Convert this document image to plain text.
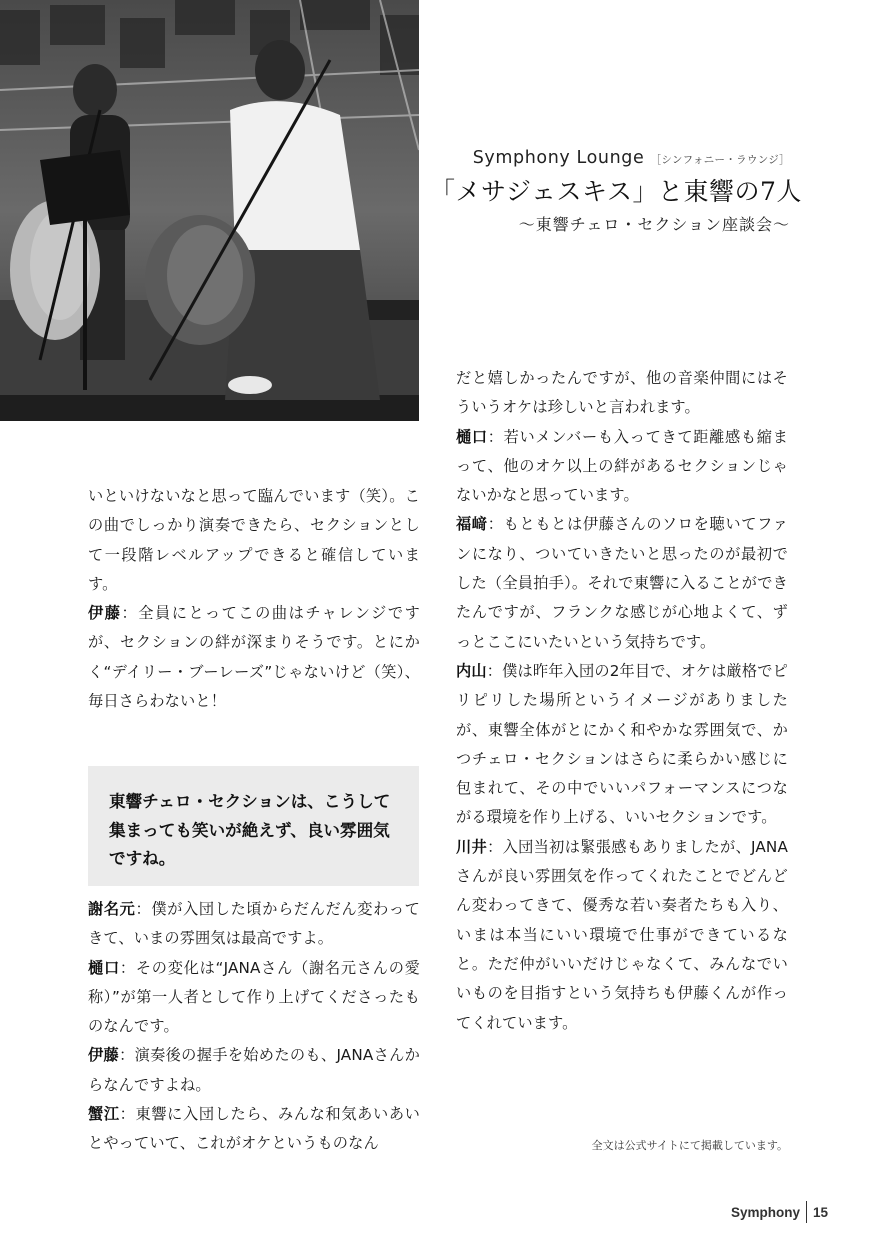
Symphony Lounge ［シンフォニー・ラウンジ］
「メサジェスキス」と東響の7人
〜東響チェロ・セクション座談会〜

いといけないなと思って臨んでいます（笑）。この曲でしっかり演奏できたら、セクションとして一段階レベルアップできると確信しています。

伊藤：全員にとってこの曲はチャレンジですが、セクションの絆が深まりそうです。とにかく“デイリー・ブーレーズ”じゃないけど（笑）、毎日さらわないと！

東響チェロ・セクションは、こうして集まっても笑いが絶えず、良い雰囲気ですね。

謝名元：僕が入団した頃からだんだん変わってきて、いまの雰囲気は最高ですよ。

樋口：その変化は“JANAさん（謝名元さんの愛称）”が第一人者として作り上げてくださったものなんです。

伊藤：演奏後の握手を始めたのも、JANAさんからなんですよね。

蟹江：東響に入団したら、みんな和気あいあいとやっていて、これがオケというものなん

だと嬉しかったんですが、他の音楽仲間にはそういうオケは珍しいと言われます。

樋口：若いメンバーも入ってきて距離感も縮まって、他のオケ以上の絆があるセクションじゃないかなと思っています。

福﨑：もともとは伊藤さんのソロを聴いてファンになり、ついていきたいと思ったのが最初でした（全員拍手）。それで東響に入ることができたんですが、フランクな感じが心地よくて、ずっとここにいたいという気持ちです。

内山：僕は昨年入団の2年目で、オケは厳格でピリピリした場所というイメージがありましたが、東響全体がとにかく和やかな雰囲気で、かつチェロ・セクションはさらに柔らかい感じに包まれて、その中でいいパフォーマンスにつながる環境を作り上げる、いいセクションです。

川井：入団当初は緊張感もありましたが、JANAさんが良い雰囲気を作ってくれたことでどんどん変わってきて、優秀な若い奏者たちも入り、いまは本当にいい環境で仕事ができているなと。ただ仲がいいだけじゃなくて、みんなでいいものを目指すという気持ちも伊藤くんが作ってくれています。

全文は公式サイトにて掲載しています。
Symphony 15
